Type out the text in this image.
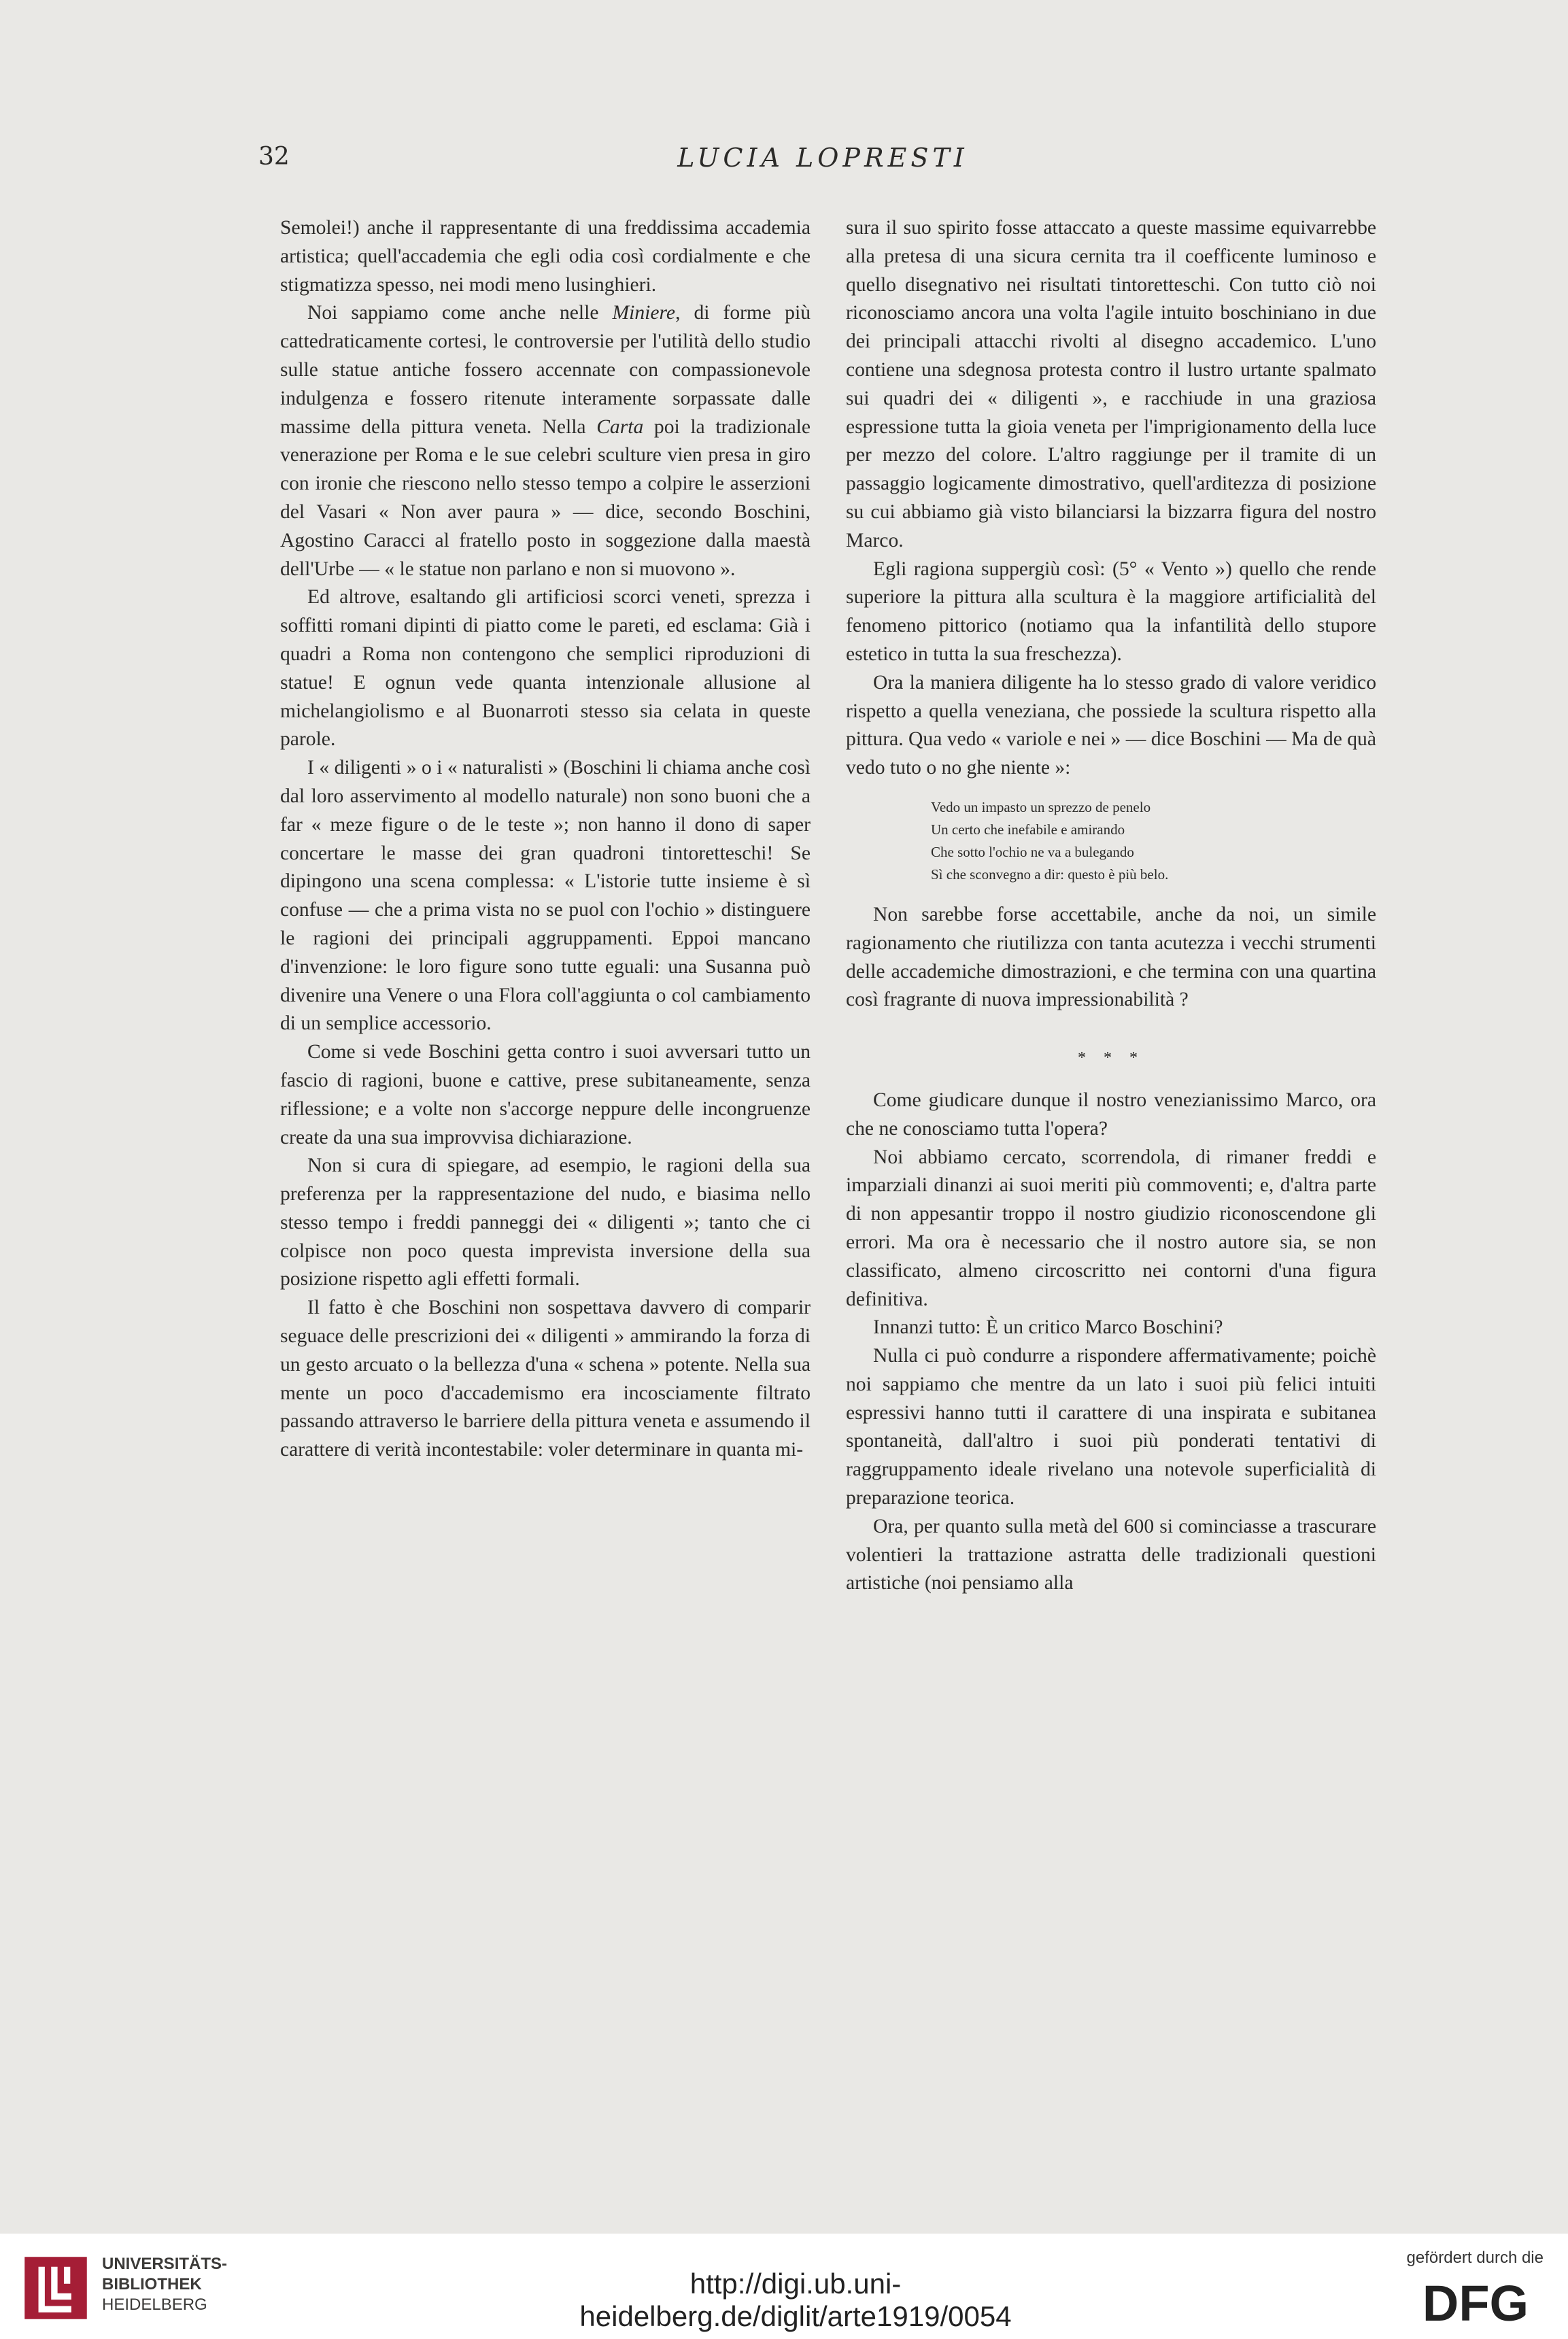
32	LUCIA LOPRESTI

Semolei!) anche il rappresentante di una freddissima accademia artistica; quell'accademia che egli odia così cordialmente e che stigmatizza spesso, nei modi meno lusinghieri.

Noi sappiamo come anche nelle Miniere, di forme più cattedraticamente cortesi, le controversie per l'utilità dello studio sulle statue antiche fossero accennate con compassionevole indulgenza e fossero ritenute interamente sorpassate dalle massime della pittura veneta. Nella Carta poi la tradizionale venerazione per Roma e le sue celebri sculture vien presa in giro con ironie che riescono nello stesso tempo a colpire le asserzioni del Vasari « Non aver paura » — dice, secondo Boschini, Agostino Caracci al fratello posto in soggezione dalla maestà dell'Urbe — « le statue non parlano e non si muovono ».

Ed altrove, esaltando gli artificiosi scorci veneti, sprezza i soffitti romani dipinti di piatto come le pareti, ed esclama: Già i quadri a Roma non contengono che semplici riproduzioni di statue! E ognun vede quanta intenzionale allusione al michelangiolismo e al Buonarroti stesso sia celata in queste parole.

I « diligenti » o i « naturalisti » (Boschini li chiama anche così dal loro asservimento al modello naturale) non sono buoni che a far « meze figure o de le teste »; non hanno il dono di saper concertare le masse dei gran quadroni tintoretteschi! Se dipingono una scena complessa: « L'istorie tutte insieme è sì confuse — che a prima vista no se puol con l'ochio » distinguere le ragioni dei principali aggruppamenti. Eppoi mancano d'invenzione: le loro figure sono tutte eguali: una Susanna può divenire una Venere o una Flora coll'aggiunta o col cambiamento di un semplice accessorio.

Come si vede Boschini getta contro i suoi avversari tutto un fascio di ragioni, buone e cattive, prese subitaneamente, senza riflessione; e a volte non s'accorge neppure delle incongruenze create da una sua improvvisa dichiarazione.

Non si cura di spiegare, ad esempio, le ragioni della sua preferenza per la rappresentazione del nudo, e biasima nello stesso tempo i freddi panneggi dei « diligenti »; tanto che ci colpisce non poco questa imprevista inversione della sua posizione rispetto agli effetti formali.

Il fatto è che Boschini non sospettava davvero di comparir seguace delle prescrizioni dei « diligenti » ammirando la forza di un gesto arcuato o la bellezza d'una « schena » potente. Nella sua mente un poco d'accademismo era incosciamente filtrato passando attraverso le barriere della pittura veneta e assumendo il carattere di verità incontestabile: voler determinare in quanta mi-

sura il suo spirito fosse attaccato a queste massime equivarrebbe alla pretesa di una sicura cernita tra il coefficente luminoso e quello disegnativo nei risultati tintoretteschi. Con tutto ciò noi riconosciamo ancora una volta l'agile intuito boschiniano in due dei principali attacchi rivolti al disegno accademico. L'uno contiene una sdegnosa protesta contro il lustro urtante spalmato sui quadri dei « diligenti », e racchiude in una graziosa espressione tutta la gioia veneta per l'imprigionamento della luce per mezzo del colore. L'altro raggiunge per il tramite di un passaggio logicamente dimostrativo, quell'arditezza di posizione su cui abbiamo già visto bilanciarsi la bizzarra figura del nostro Marco.

Egli ragiona suppergiù così: (5° « Vento ») quello che rende superiore la pittura alla scultura è la maggiore artificialità del fenomeno pittorico (notiamo qua la infantilità dello stupore estetico in tutta la sua freschezza).

Ora la maniera diligente ha lo stesso grado di valore veridico rispetto a quella veneziana, che possiede la scultura rispetto alla pittura. Qua vedo « variole e nei » — dice Boschini — Ma de quà vedo tuto o no ghe niente »:

Vedo un impasto un sprezzo de penelo
Un certo che inefabile e amirando
Che sotto l'ochio ne va a bulegando
Sì che sconvegno a dir: questo è più belo.

Non sarebbe forse accettabile, anche da noi, un simile ragionamento che riutilizza con tanta acutezza i vecchi strumenti delle accademiche dimostrazioni, e che termina con una quartina così fragrante di nuova impressionabilità ?

* * *

Come giudicare dunque il nostro venezianissimo Marco, ora che ne conosciamo tutta l'opera?

Noi abbiamo cercato, scorrendola, di rimaner freddi e imparziali dinanzi ai suoi meriti più commoventi; e, d'altra parte di non appesantir troppo il nostro giudizio riconoscendone gli errori. Ma ora è necessario che il nostro autore sia, se non classificato, almeno circoscritto nei contorni d'una figura definitiva.

Innanzi tutto: È un critico Marco Boschini?

Nulla ci può condurre a rispondere affermativamente; poichè noi sappiamo che mentre da un lato i suoi più felici intuiti espressivi hanno tutti il carattere di una inspirata e subitanea spontaneità, dall'altro i suoi più ponderati tentativi di raggruppamento ideale rivelano una notevole superficialità di preparazione teorica.

Ora, per quanto sulla metà del 600 si cominciasse a trascurare volentieri la trattazione astratta delle tradizionali questioni artistiche (noi pensiamo alla

UNIVERSITÄTS-
BIBLIOTHEK
HEIDELBERG
http://digi.ub.uni-heidelberg.de/diglit/arte1919/0054
gefördert durch die
DFG
